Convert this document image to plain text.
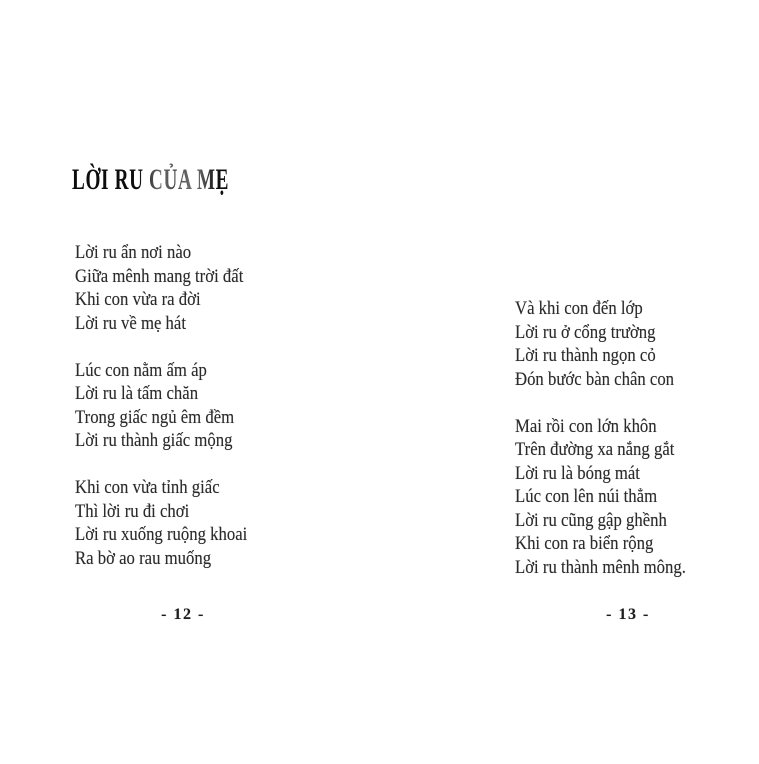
LỜI RU CỦA MẸ

Lời ru ẩn nơi nào

Giữa mênh mang trời đất

Khi con vừa ra đời

Lời ru về mẹ hát

Lúc con nằm ấm áp

Lời ru là tấm chăn

Trong giấc ngủ êm đềm

Lời ru thành giấc mộng

Khi con vừa tỉnh giấc

Thì lời ru đi chơi

Lời ru xuống ruộng khoai

Ra bờ ao rau muống

Và khi con đến lớp

Lời ru ở cổng trường

Lời ru thành ngọn cỏ

Đón bước bàn chân con

Mai rồi con lớn khôn

Trên đường xa nắng gắt

Lời ru là bóng mát

Lúc con lên núi thẳm

Lời ru cũng gập ghềnh

Khi con ra biển rộng

Lời ru thành mênh mông.

- 12 -	- 13 -
